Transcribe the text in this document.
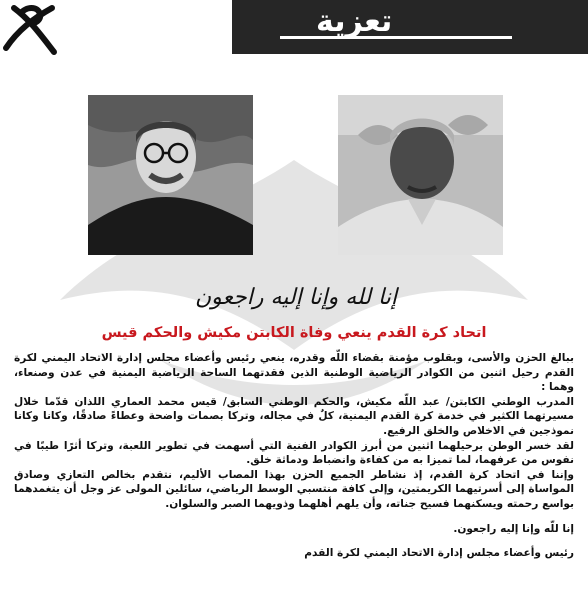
تعزية
إنا لله وإنا إليه راجعون
اتحاد كرة القدم ينعي وفاة الكابتن مكيش والحكم قيس

ببالغ الحزن والأسى، وبقلوب مؤمنة بقضاء اللّه وقدره، ينعي رئيس وأعضاء مجلس إدارة الاتحاد اليمني لكرة القدم رحيل اثنين من الكوادر الرياضية الوطنية الذين فقدتهما الساحة الرياضية اليمنية في عدن وصنعاء، وهما :

المدرب الوطني الكابتن/ عبد اللّه مكيش، والحكم الوطني السابق/ قيس محمد العماري اللذان قدّما خلال مسيرتهما الكثير في خدمة كرة القدم اليمنية، كلٌ في مجاله، وتركا بصمات واضحة وعطاءً صادقًا، وكانا وكانا نموذجين في الاخلاص والخلق الرفيع.

لقد خسر الوطن برحيلهما اثنين من أبرز الكوادر الفنية التي أسهمت في تطوير اللعبة، وتركا أثرًا طيبًا في نفوس من عرفهما، لما تميزا به من كفاءة وانضباط ودماثة خلق.

وإننا في اتحاد كرة القدم، إذ نشاطر الجميع الحزن بهذا المصاب الأليم، نتقدم بخالص التعازي وصادق المواساة إلى أسرتيهما الكريمتين، وإلى كافة منتسبي الوسط الرياضي، سائلين المولى عز وجل أن يتغمدهما بواسع رحمته ويسكنهما فسيح جناته، وأن يلهم أهلهما وذويهما الصبر والسلوان.

إنا للّه وإنا إليه راجعون.

رئيس وأعضاء مجلس إدارة الاتحاد اليمني لكرة القدم
